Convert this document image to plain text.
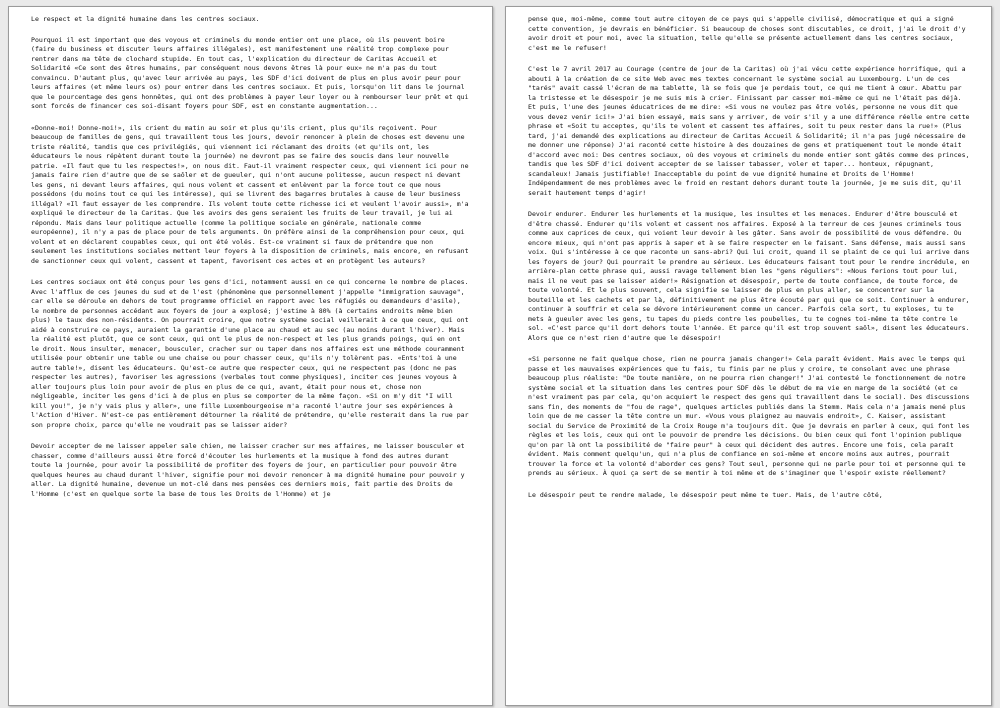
Le respect et la dignité humaine dans les centres sociaux.

Pourquoi il est important que des voyous et criminels du monde entier ont une place, où ils peuvent boire (faire du business et discuter leurs affaires illégales), est manifestement une réalité trop complexe pour rentrer dans ma tête de clochard stupide. En tout cas, l'explication du directeur de Caritas Accueil et Solidarité «Ce sont des êtres humains, par conséquent nous devons êtres là pour eux» ne m'a pas du tout convaincu. D'autant plus, qu'avec leur arrivée au pays, les SDF d'ici doivent de plus en plus avoir peur pour leurs affaires (et même leurs os) pour entrer dans les centres sociaux. Et puis, lorsqu'on lit dans le journal que le pourcentage des gens honnêtes, qui ont des problèmes à payer leur loyer ou à rembourser leur prêt et qui sont forcés de financer ces soi-disant foyers pour SDF, est en constante augmentation...

«Donne-moi! Donne-moi!», ils crient du matin au soir et plus qu'ils crient, plus qu'ils reçoivent. Pour beaucoup de familles de gens, qui travaillent tous les jours, devoir renoncer à plein de choses est devenu une triste réalité, tandis que ces privilégiés, qui viennent ici réclamant des droits (et qu'ils ont, les éducateurs le nous répètent durant toute la journée) ne devront pas se faire des soucis dans leur nouvelle patrie. «Il faut que tu les respectes!», on nous dit. Faut-il vraiment respecter ceux, qui viennent ici pour ne jamais faire rien d'autre que de se saôler et de gueuler, qui n'ont aucune politesse, aucun respect ni devant les gens, ni devant leurs affaires, qui nous volent et cassent et enlèvent par la force tout ce que nous possédons (du moins tout ce qui les intéresse), qui se livrent des bagarres brutales à cause de leur business illégal? «Il faut essayer de les comprendre. Ils volent toute cette richesse ici et veulent l'avoir aussi», m'a expliqué le directeur de la Caritas. Que les avoirs des gens seraient les fruits de leur travail, je lui ai répondu. Mais dans leur politique actuelle (comme la politique sociale en générale, nationale comme européenne), il n'y a pas de place pour de tels arguments. On préfère ainsi de la compréhension pour ceux, qui volent et en déclarent coupables ceux, qui ont été volés. Est-ce vraiment si faux de prétendre que non seulement les institutions sociales mettent leur foyers à la disposition de criminels, mais encore, en refusant de sanctionner ceux qui volent, cassent et tapent, favorisent ces actes et en protègent les auteurs?

Les centres sociaux ont été conçus pour les gens d'ici, notamment aussi en ce qui concerne le nombre de places. Avec l'afflux de ces jeunes du sud et de l'est (phénomène que personnellement j'appelle "immigration sauvage", car elle se déroule en dehors de tout programme officiel en rapport avec les réfugiés ou demandeurs d'asile), le nombre de personnes accédant aux foyers de jour a explosé; j'estime à 80% (à certains endroits même bien plus) le taux des non-résidents. On pourrait croire, que notre système social veillerait à ce que ceux, qui ont aidé à construire ce pays, auraient la garantie d'une place au chaud et au sec (au moins durant l'hiver). Mais la réalité est plutôt, que ce sont ceux, qui ont le plus de non-respect et les plus grands poings, qui en ont le droit. Nous insulter, menacer, bousculer, cracher sur ou taper dans nos affaires est une méthode couramment utilisée pour obtenir une table ou une chaise ou pour chasser ceux, qu'ils n'y tolèrent pas. «Ents'toi à une autre table!», disent les éducateurs. Qu'est-ce autre que respecter ceux, qui ne respectent pas (donc ne pas respecter les autres), favoriser les agressions (verbales tout comme physiques), inciter ces jeunes voyous à aller toujours plus loin pour avoir de plus en plus de ce qui, avant, était pour nous et, chose non négligeable, inciter les gens d'ici à de plus en plus se comporter de la même façon. «Si on m'y dit "I will kill you!", je n'y vais plus y aller», une fille Luxembourgeoise m'a raconté l'autre jour ses expériences à l'Action d'Hiver. N'est-ce pas entièrement détourner la réalité de prétendre, qu'elle resterait dans la rue par son propre choix, parce qu'elle ne voudrait pas se laisser aider?

Devoir accepter de me laisser appeler sale chien, me laisser cracher sur mes affaires, me laisser bousculer et chasser, comme d'ailleurs aussi être forcé d'écouter les hurlements et la musique à fond des autres durant toute la journée, pour avoir la possibilité de profiter des foyers de jour, en particulier pour pouvoir être quelques heures au chaud durant l'hiver, signifie pour moi devoir renoncer à ma dignité humaine pour pouvoir y aller. La dignité humaine, devenue un mot-clé dans mes pensées ces derniers mois, fait partie des Droits de l'Homme (c'est en quelque sorte la base de tous les Droits de l'Homme) et je

pense que, moi-même, comme tout autre citoyen de ce pays qui s'appelle civilisé, démocratique et qui a signé cette convention, je devrais en bénéficier. Si beaucoup de choses sont discutables, ce droit, j'ai le droit d'y avoir droit et pour moi, avec la situation, telle qu'elle se présente actuellement dans les centres sociaux, c'est me le refuser!

C'est le 7 avril 2017 au Courage (centre de jour de la Caritas) où j'ai vécu cette expérience horrifique, qui a abouti à la création de ce site Web avec mes textes concernant le système social au Luxembourg. L'un de ces "tarés" avait cassé l'écran de ma tablette, là se fois que je perdais tout, ce qui me tient à cœur. Abattu par la tristesse et le désespoir je me suis mis à crier. Finissant par casser moi-même ce qui ne l'était pas déjà. Et puis, l'une des jeunes éducatrices de me dire: «Si vous ne voulez pas être volés, personne ne vous dit que vous devez venir ici!» J'ai bien essayé, mais sans y arriver, de voir s'il y a une différence réelle entre cette phrase et «Soit tu acceptes, qu'ils te volent et cassent tes affaires, soit tu peux rester dans la rue!» (Plus tard, j'ai demandé des explications au directeur de Caritas Accueil & Solidarité; il n'a pas jugé nécessaire de me donner une réponse) J'ai raconté cette histoire à des douzaines de gens et pratiquement tout le monde était d'accord avec moi: Des centres sociaux, où des voyous et criminels du monde entier sont gâtés comme des princes, tandis que les SDF d'ici doivent accepter de se laisser tabasser, voler et taper... honteux, répugnant, scandaleux! Jamais justifiable! Inacceptable du point de vue dignité humaine et Droits de l'Homme! Indépendamment de mes problèmes avec le froid en restant dehors durant toute la journée, je me suis dit, qu'il serait hautement temps d'agir!

Devoir endurer. Endurer les hurlements et la musique, les insultes et les menaces. Endurer d'être bousculé et d'être chassé. Endurer qu'ils volent et cassent nos affaires. Exposé à la terreur de ces jeunes criminels tous comme aux caprices de ceux, qui voient leur devoir à les gâter. Sans avoir de possibilité de vous défendre. Ou encore mieux, qui n'ont pas appris à saper et à se faire respecter en le faisant. Sans défense, mais aussi sans voix. Qui s'intéresse à ce que raconte un sans-abri? Qui lui croit, quand il se plaint de ce qui lui arrive dans les foyers de jour? Qui pourrait le prendre au sérieux. Les éducateurs faisant tout pour le rendre incrédule, en arrière-plan cette phrase qui, aussi ravage tellement bien les "gens réguliers": «Nous ferions tout pour lui, mais il ne veut pas se laisser aider!» Résignation et désespoir, perte de toute confiance, de toute force, de toute volonté. Et le plus souvent, cela signifie se laisser de plus en plus aller, se concentrer sur la bouteille et les cachets et par là, définitivement ne plus être écouté par qui que ce soit. Continuer à endurer, continuer à souffrir et cela se dévore intérieurement comme un cancer. Parfois cela sort, tu exploses, tu te mets à gueuler avec les gens, tu tapes du pieds contre les poubelles, tu te cognes toi-même ta tête contre le sol. «C'est parce qu'il dort dehors toute l'année. Et parce qu'il est trop souvent saôl», disent les éducateurs. Alors que ce n'est rien d'autre que le désespoir!

«Si personne ne fait quelque chose, rien ne pourra jamais changer!» Cela paraît évident. Mais avec le temps qui passe et les mauvaises expériences que tu fais, tu finis par ne plus y croire, te consolant avec une phrase beaucoup plus réaliste: "De toute manière, on ne pourra rien changer!" J'ai contesté le fonctionnement de notre système social et la situation dans les centres pour SDF dès le début de ma vie en marge de la société (et ce n'est vraiment pas par cela, qu'on acquiert le respect des gens qui travaillent dans le social). Des discussions sans fin, des moments de "fou de rage", quelques articles publiés dans la Stemm. Mais cela n'a jamais mené plus loin que de me casser la tête contre un mur. «Vous vous plaignez au mauvais endroit», C. Kaiser, assistant social du Service de Proximité de la Croix Rouge m'a toujours dit. Que je devrais en parler à ceux, qui font les règles et les lois, ceux qui ont le pouvoir de prendre les décisions. Ou bien ceux qui font l'opinion publique qu'on par là ont la possibilité de "faire peur" à ceux qui décident des autres. Encore une fois, cela paraît évident. Mais comment quelqu'un, qui n'a plus de confiance en soi-même et encore moins aux autres, pourrait trouver la force et la volonté d'aborder ces gens? Tout seul, personne qui ne parle pour toi et personne qui te prends au sérieux. À quoi ça sert de se mentir à toi même et de s'imaginer que l'espoir existe réellement?

Le désespoir peut te rendre malade, le désespoir peut même te tuer. Mais, de l'autre côté,
